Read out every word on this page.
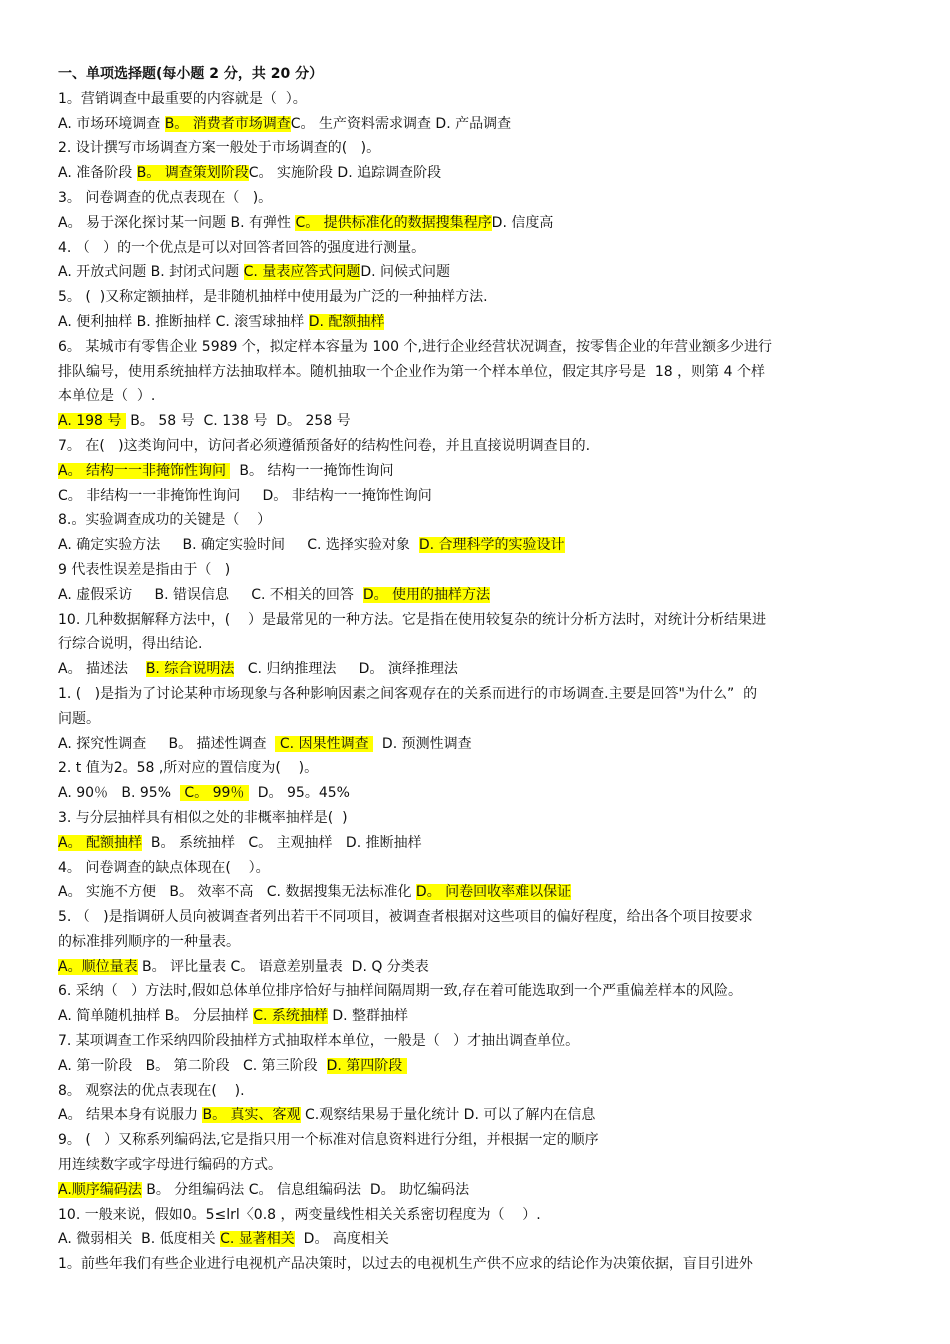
一、单项选择题(每小题 2 分，共 20 分）
1。营销调查中最重要的内容就是（  ）。
A. 市场环境调查 B。 消费者市场调查C。 生产资料需求调查 D. 产品调查
2. 设计撰写市场调查方案一般处于市场调查的(   )。
A. 准备阶段 B。 调查策划阶段C。 实施阶段 D. 追踪调查阶段
3。 问卷调查的优点表现在（   )。
A。 易于深化探讨某一问题 B. 有弹性 C。 提供标准化的数据搜集程序D. 信度高
4. （   ）的一个优点是可以对回答者回答的强度进行测量。
A. 开放式问题 B. 封闭式问题 C. 量表应答式问题D. 问候式问题
5。 (  )又称定额抽样，是非随机抽样中使用最为广泛的一种抽样方法.
A. 便利抽样 B. 推断抽样 C. 滚雪球抽样 D. 配额抽样
6。 某城市有零售企业 5989 个，拟定样本容量为 100 个,进行企业经营状况调查，按零售企业的年营业额多少进行
排队编号，使用系统抽样方法抽取样本。随机抽取一个企业作为第一个样本单位，假定其序号是  18 ，则第 4 个样
本单位是（  ）.
A. 198 号  B。 58 号  C. 138 号  D。 258 号
7。 在(   )这类询问中，访问者必须遵循预备好的结构性问卷，并且直接说明调查目的.
A。 结构一一非掩饰性询问   B。 结构一一掩饰性询问
C。 非结构一一非掩饰性询问     D。 非结构一一掩饰性询问
8.。实验调查成功的关键是（    ）
A. 确定实验方法     B. 确定实验时间     C. 选择实验对象  D. 合理科学的实验设计
9 代表性误差是指由于（   )
A. 虚假采访     B. 错误信息     C. 不相关的回答  D。 使用的抽样方法
10. 几种数据解释方法中，(    ）是最常见的一种方法。它是指在使用较复杂的统计分析方法时，对统计分析结果进
行综合说明，得出结论.
A。 描述法    B. 综合说明法   C. 归纳推理法     D。 演绎推理法
1. (   )是指为了讨论某种市场现象与各种影响因素之间客观存在的关系而进行的市场调查.主要是回答"为什么”  的
问题。
A. 探究性调查     B。 描述性调查   C. 因果性调查   D. 预测性调查
2. t 值为2。58 ,所对应的置信度为(    )。
A. 90％   B. 95%   C。 99％   D。 95。45%
3. 与分层抽样具有相似之处的非概率抽样是(  )
A。 配额抽样  B。 系统抽样   C。 主观抽样   D. 推断抽样
4。 问卷调查的缺点体现在(    ）。
A。 实施不方便   B。 效率不高   C. 数据搜集无法标准化 D。 问卷回收率难以保证
5. （   )是指调研人员向被调查者列出若干不同项目，被调查者根据对这些项目的偏好程度，给出各个项目按要求
的标准排列顺序的一种量表。
A。顺位量表 B。 评比量表 C。 语意差别量表  D. Q 分类表
6. 采纳（   ）方法时,假如总体单位排序恰好与抽样间隔周期一致,存在着可能选取到一个严重偏差样本的风险。
A. 简单随机抽样 B。 分层抽样 C. 系统抽样 D. 整群抽样
7. 某项调查工作采纳四阶段抽样方式抽取样本单位，一般是（   ）才抽出调查单位。
A. 第一阶段   B。 第二阶段   C. 第三阶段  D. 第四阶段
8。 观察法的优点表现在(    ).
A。 结果本身有说服力 B。 真实、客观 C.观察结果易于量化统计 D. 可以了解内在信息
9。 (   ）又称系列编码法,它是指只用一个标准对信息资料进行分组，并根据一定的顺序
用连续数字或字母进行编码的方式。
A.顺序编码法 B。 分组编码法 C。 信息组编码法  D。 助忆编码法
10. 一般来说，假如0。5≤lrl〈0.8 ，两变量线性相关关系密切程度为（    ）.
A. 微弱相关  B. 低度相关 C. 显著相关  D。 高度相关
1。前些年我们有些企业进行电视机产品决策时，以过去的电视机生产供不应求的结论作为决策依据，盲目引进外
